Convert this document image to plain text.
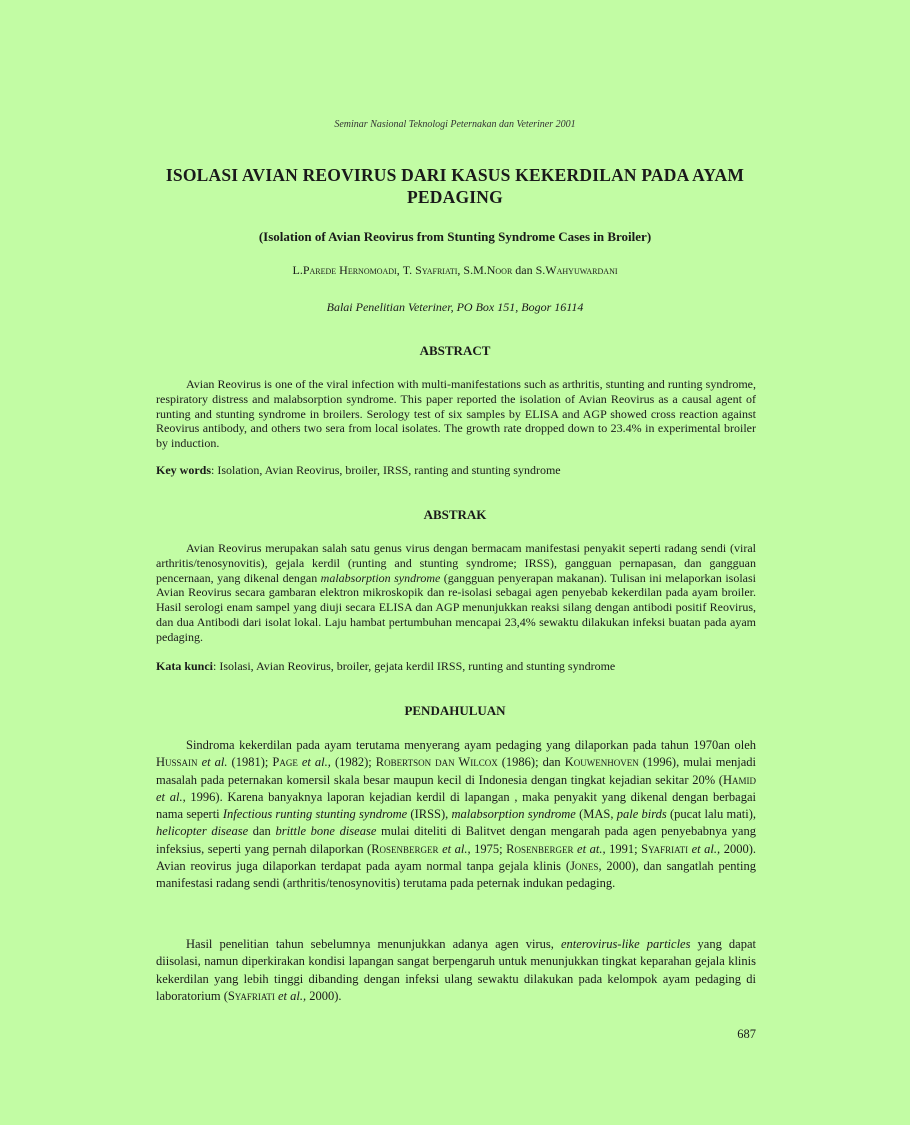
Seminar Nasional Teknologi Peternakan dan Veteriner 2001
ISOLASI AVIAN REOVIRUS DARI KASUS KEKERDILAN PADA AYAM PEDAGING
(Isolation of Avian Reovirus from Stunting Syndrome Cases in Broiler)
L.Parede Hernomoadi, T. Syafriati, S.M.Noor dan S.Wahyuwardani
Balai Penelitian Veteriner, PO Box 151, Bogor 16114
ABSTRACT
Avian Reovirus is one of the viral infection with multi-manifestations such as arthritis, stunting and runting syndrome, respiratory distress and malabsorption syndrome. This paper reported the isolation of Avian Reovirus as a causal agent of runting and stunting syndrome in broilers. Serology test of six samples by ELISA and AGP showed cross reaction against Reovirus antibody, and others two sera from local isolates. The growth rate dropped down to 23.4% in experimental broiler by induction.
Key words: Isolation, Avian Reovirus, broiler, IRSS, ranting and stunting syndrome
ABSTRAK
Avian Reovirus merupakan salah satu genus virus dengan bermacam manifestasi penyakit seperti radang sendi (viral arthritis/tenosynovitis), gejala kerdil (runting and stunting syndrome; IRSS), gangguan pernapasan, dan gangguan pencernaan, yang dikenal dengan malabsorption syndrome (gangguan penyerapan makanan). Tulisan ini melaporkan isolasi Avian Reovirus secara gambaran elektron mikroskopik dan re-isolasi sebagai agen penyebab kekerdilan pada ayam broiler. Hasil serologi enam sampel yang diuji secara ELISA dan AGP menunjukkan reaksi silang dengan antibodi positif Reovirus, dan dua Antibodi dari isolat lokal. Laju hambat pertumbuhan mencapai 23,4% sewaktu dilakukan infeksi buatan pada ayam pedaging.
Kata kunci: Isolasi, Avian Reovirus, broiler, gejata kerdil IRSS, runting and stunting syndrome
PENDAHULUAN
Sindroma kekerdilan pada ayam terutama menyerang ayam pedaging yang dilaporkan pada tahun 1970an oleh Hussain et al. (1981); Page et al., (1982); Robertson dan Wilcox (1986); dan Kouwenhoven (1996), mulai menjadi masalah pada peternakan komersil skala besar maupun kecil di Indonesia dengan tingkat kejadian sekitar 20% (Hamid et al., 1996). Karena banyaknya laporan kejadian kerdil di lapangan , maka penyakit yang dikenal dengan berbagai nama seperti Infectious runting stunting syndrome (IRSS), malabsorption syndrome (MAS, pale birds (pucat lalu mati), helicopter disease dan brittle bone disease mulai diteliti di Balitvet dengan mengarah pada agen penyebabnya yang infeksius, seperti yang pernah dilaporkan (Rosenberger et al., 1975; Rosenberger et at., 1991; Syafriati et al., 2000). Avian reovirus juga dilaporkan terdapat pada ayam normal tanpa gejala klinis (Jones, 2000), dan sangatlah penting manifestasi radang sendi (arthritis/tenosynovitis) terutama pada peternak indukan pedaging.
Hasil penelitian tahun sebelumnya menunjukkan adanya agen virus, enterovirus-like particles yang dapat diisolasi, namun diperkirakan kondisi lapangan sangat berpengaruh untuk menunjukkan tingkat keparahan gejala klinis kekerdilan yang lebih tinggi dibanding dengan infeksi ulang sewaktu dilakukan pada kelompok ayam pedaging di laboratorium (Syafriati et al., 2000).
687
